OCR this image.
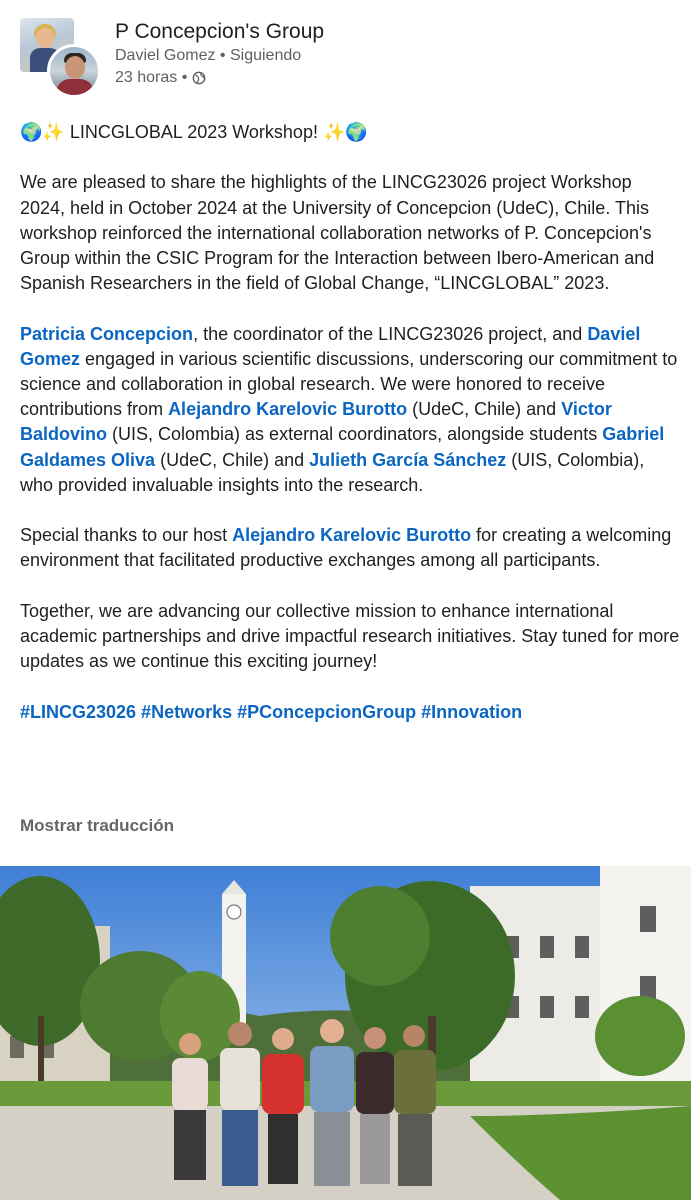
P Concepcion's Group
Daviel Gomez • Siguiendo
23 horas •

🌍✨ LINCGLOBAL 2023 Workshop! ✨🌍

We are pleased to share the highlights of the LINCG23026 project Workshop 2024, held in October 2024 at the University of Concepcion (UdeC), Chile. This workshop reinforced the international collaboration networks of P. Concepcion's Group within the CSIC Program for the Interaction between Ibero-American and Spanish Researchers in the field of Global Change, “LINCGLOBAL” 2023.

Patricia Concepcion, the coordinator of the LINCG23026 project, and Daviel Gomez engaged in various scientific discussions, underscoring our commitment to science and collaboration in global research. We were honored to receive contributions from Alejandro Karelovic Burotto (UdeC, Chile) and Victor Baldovino (UIS, Colombia) as external coordinators, alongside students Gabriel Galdames Oliva (UdeC, Chile) and Julieth García Sánchez (UIS, Colombia), who provided invaluable insights into the research.

Special thanks to our host Alejandro Karelovic Burotto for creating a welcoming environment that facilitated productive exchanges among all participants.

Together, we are advancing our collective mission to enhance international academic partnerships and drive impactful research initiatives. Stay tuned for more updates as we continue this exciting journey!

#LINCG23026 #Networks #PConcepcionGroup #Innovation

Mostrar traducción
